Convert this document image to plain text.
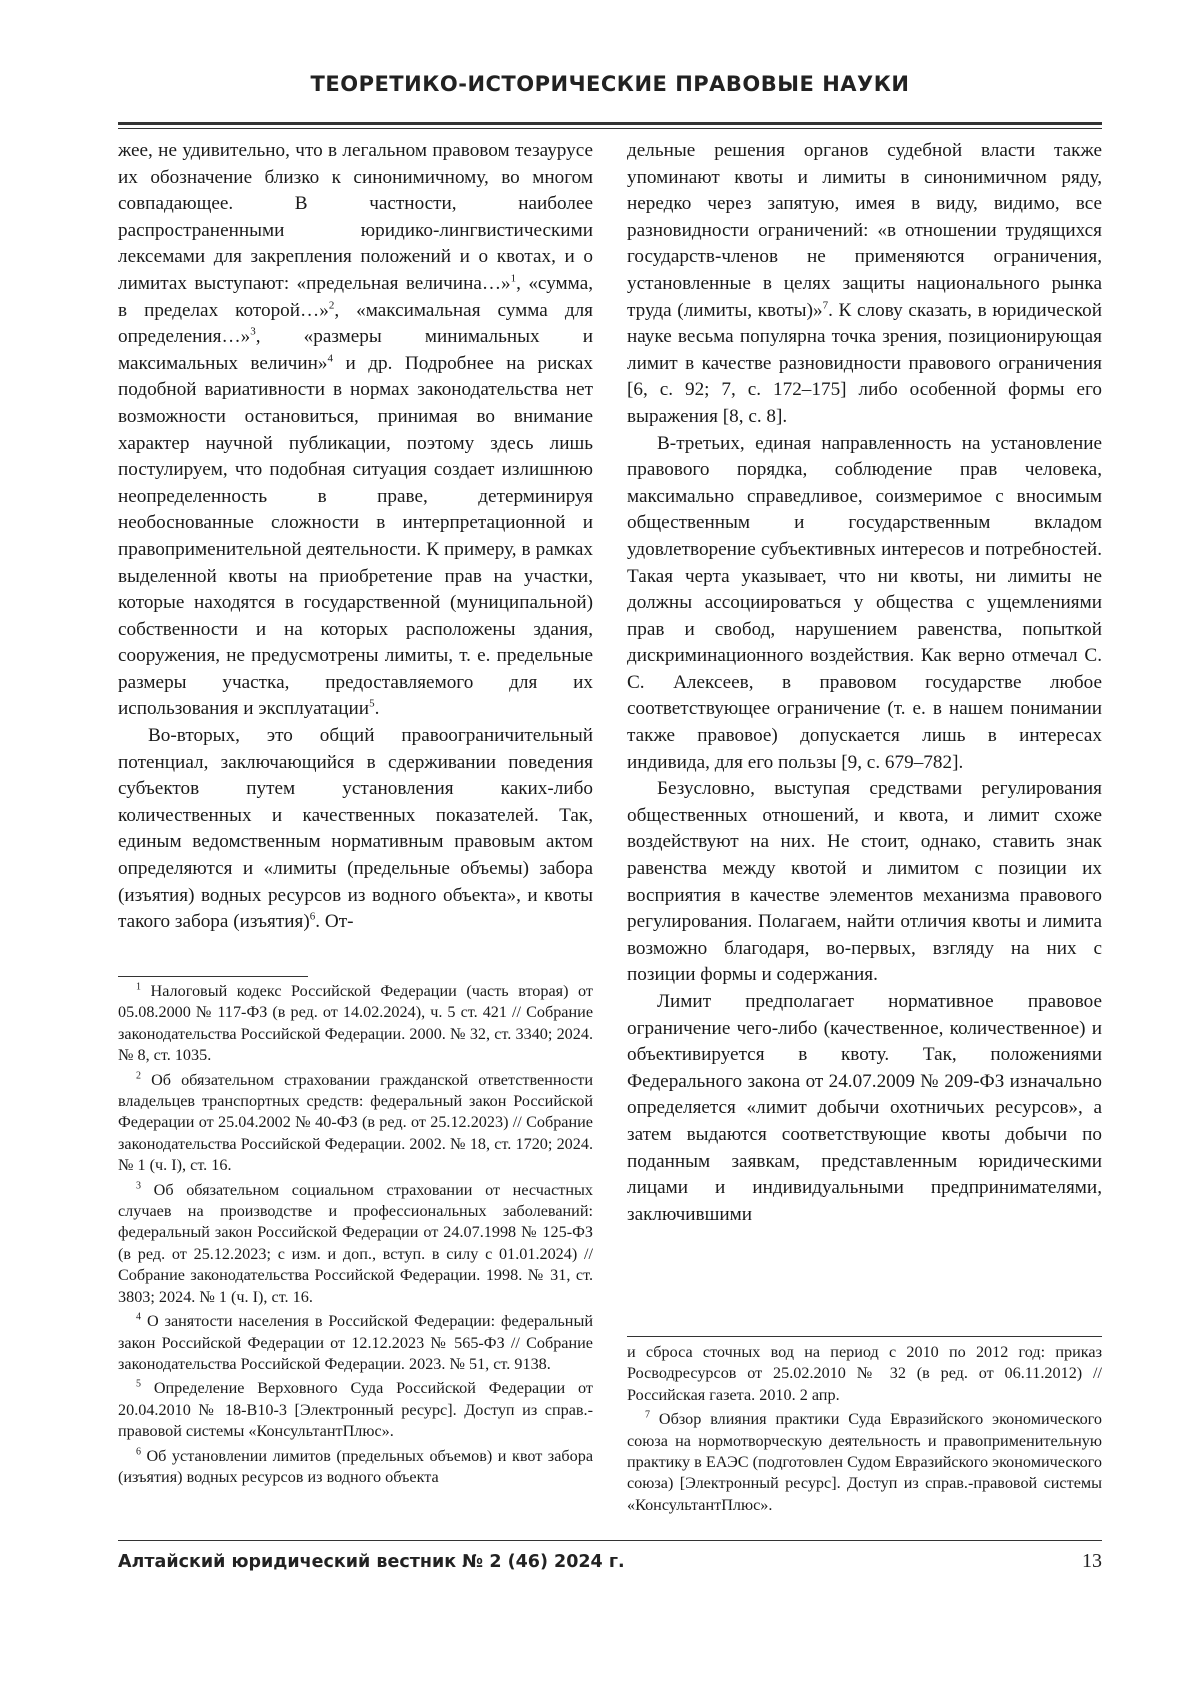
ТЕОРЕТИКО-ИСТОРИЧЕСКИЕ ПРАВОВЫЕ НАУКИ

жее, не удивительно, что в легальном правовом тезаурусе их обозначение близко к синонимичному, во многом совпадающее. В частности, наиболее распространенными юридико-лингвистическими лексемами для закрепления положений и о квотах, и о лимитах выступают: «предельная величина…»$^1$, «сумма, в пределах которой…»$^2$, «максимальная сумма для определения…»$^3$, «размеры минимальных и максимальных величин»$^4$ и др. Подробнее на рисках подобной вариативности в нормах законодательства нет возможности остановиться, принимая во внимание характер научной публикации, поэтому здесь лишь постулируем, что подобная ситуация создает излишнюю неопределенность в праве, детерминируя необоснованные сложности в интерпретационной и правоприменительной деятельности. К примеру, в рамках выделенной квоты на приобретение прав на участки, которые находятся в государственной (муниципальной) собственности и на которых расположены здания, сооружения, не предусмотрены лимиты, т. е. предельные размеры участка, предоставляемого для их использования и эксплуатации$^5$.

Во-вторых, это общий правоограничительный потенциал, заключающийся в сдерживании поведения субъектов путем установления каких-либо количественных и качественных показателей. Так, единым ведомственным нормативным правовым актом определяются и «лимиты (предельные объемы) забора (изъятия) водных ресурсов из водного объекта», и квоты такого забора (изъятия)$^6$. От-

$^1$ Налоговый кодекс Российской Федерации (часть вторая) от 05.08.2000 № 117-ФЗ (в ред. от 14.02.2024), ч. 5 ст. 421 // Собрание законодательства Российской Федерации. 2000. № 32, ст. 3340; 2024. № 8, ст. 1035.

$^2$ Об обязательном страховании гражданской ответственности владельцев транспортных средств: федеральный закон Российской Федерации от 25.04.2002 № 40-ФЗ (в ред. от 25.12.2023) // Собрание законодательства Российской Федерации. 2002. № 18, ст. 1720; 2024. № 1 (ч. I), ст. 16.

$^3$ Об обязательном социальном страховании от несчастных случаев на производстве и профессиональных заболеваний: федеральный закон Российской Федерации от 24.07.1998 № 125-ФЗ (в ред. от 25.12.2023; с изм. и доп., вступ. в силу с 01.01.2024) // Собрание законодательства Российской Федерации. 1998. № 31, ст. 3803; 2024. № 1 (ч. I), ст. 16.

$^4$ О занятости населения в Российской Федерации: федеральный закон Российской Федерации от 12.12.2023 № 565-ФЗ // Собрание законодательства Российской Федерации. 2023. № 51, ст. 9138.

$^5$ Определение Верховного Суда Российской Федерации от 20.04.2010 № 18-В10-3 [Электронный ресурс]. Доступ из справ.-правовой системы «КонсультантПлюс».

$^6$ Об установлении лимитов (предельных объемов) и квот забора (изъятия) водных ресурсов из водного объекта

дельные решения органов судебной власти также упоминают квоты и лимиты в синонимичном ряду, нередко через запятую, имея в виду, видимо, все разновидности ограничений: «в отношении трудящихся государств-членов не применяются ограничения, установленные в целях защиты национального рынка труда (лимиты, квоты)»$^7$. К слову сказать, в юридической науке весьма популярна точка зрения, позиционирующая лимит в качестве разновидности правового ограничения [6, с. 92; 7, с. 172–175] либо особенной формы его выражения [8, с. 8].

В-третьих, единая направленность на установление правового порядка, соблюдение прав человека, максимально справедливое, соизмеримое с вносимым общественным и государственным вкладом удовлетворение субъективных интересов и потребностей. Такая черта указывает, что ни квоты, ни лимиты не должны ассоциироваться у общества с ущемлениями прав и свобод, нарушением равенства, попыткой дискриминационного воздействия. Как верно отмечал С. С. Алексеев, в правовом государстве любое соответствующее ограничение (т. е. в нашем понимании также правовое) допускается лишь в интересах индивида, для его пользы [9, с. 679–782].

Безусловно, выступая средствами регулирования общественных отношений, и квота, и лимит схоже воздействуют на них. Не стоит, однако, ставить знак равенства между квотой и лимитом с позиции их восприятия в качестве элементов механизма правового регулирования. Полагаем, найти отличия квоты и лимита возможно благодаря, во-первых, взгляду на них с позиции формы и содержания.

Лимит предполагает нормативное правовое ограничение чего-либо (качественное, количественное) и объективируется в квоту. Так, положениями Федерального закона от 24.07.2009 № 209-ФЗ изначально определяется «лимит добычи охотничьих ресурсов», а затем выдаются соответствующие квоты добычи по поданным заявкам, представленным юридическими лицами и индивидуальными предпринимателями, заключившими

и сброса сточных вод на период с 2010 по 2012 год: приказ Росводресурсов от 25.02.2010 № 32 (в ред. от 06.11.2012) // Российская газета. 2010. 2 апр.

$^7$ Обзор влияния практики Суда Евразийского экономического союза на нормотворческую деятельность и правоприменительную практику в ЕАЭС (подготовлен Судом Евразийского экономического союза) [Электронный ресурс]. Доступ из справ.-правовой системы «КонсультантПлюс».

Алтайский юридический вестник № 2 (46) 2024 г.	13
